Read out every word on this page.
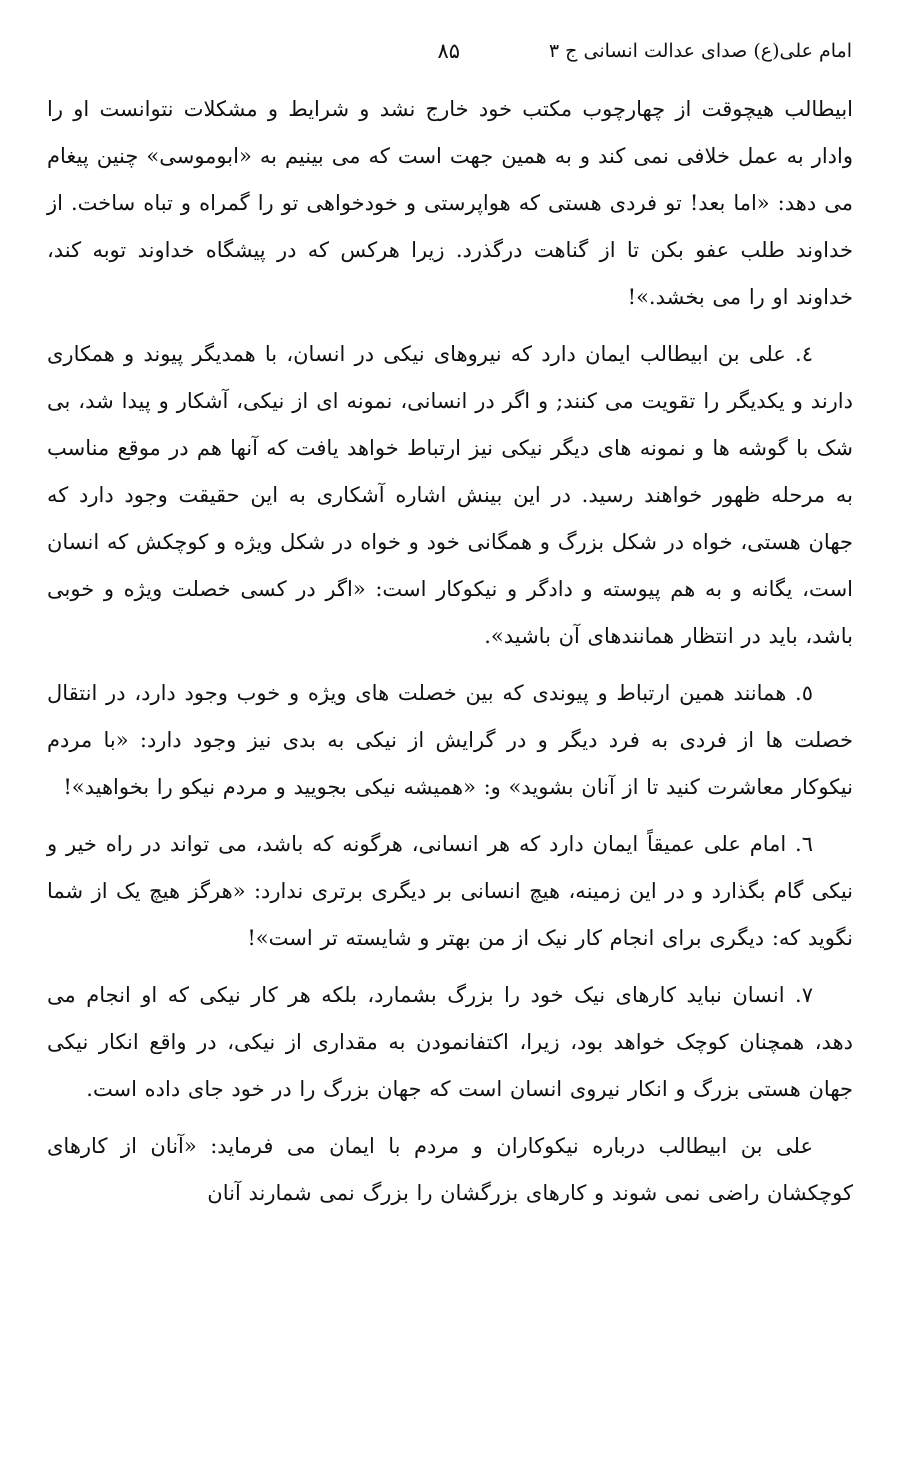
امام علی(ع) صدای عدالت انسانی ج ۳
۸۵

ابیطالب هیچوقت از چهارچوب مکتب خود خارج نشد و شرایط و مشکلات نتوانست او را وادار به عمل خلافی نمی کند و به همین جهت است که می بینیم به «ابوموسی» چنین پیغام می دهد: «اما بعد! تو فردی هستی که هواپرستی و خودخواهی تو را گمراه و تباه ساخت. از خداوند طلب عفو بکن تا از گناهت درگذرد. زیرا هرکس که در پیشگاه خداوند توبه کند، خداوند او را می بخشد.»!

٤. علی بن ابیطالب ایمان دارد که نیروهای نیکی در انسان، با همدیگر پیوند و همکاری دارند و یکدیگر را تقویت می کنند; و اگر در انسانی، نمونه ای از نیکی، آشکار و پیدا شد، بی شک با گوشه ها و نمونه های دیگر نیکی نیز ارتباط خواهد یافت که آنها هم در موقع مناسب به مرحله ظهور خواهند رسید. در این بینش اشاره آشکاری به این حقیقت وجود دارد که جهان هستی، خواه در شکل بزرگ و همگانی خود و خواه در شکل ویژه و کوچکش که انسان است، یگانه و به هم پیوسته و دادگر و نیکوکار است: «اگر در کسی خصلت ویژه و خوبی باشد، باید در انتظار همانندهای آن باشید».

٥. همانند همین ارتباط و پیوندی که بین خصلت های ویژه و خوب وجود دارد، در انتقال خصلت ها از فردی به فرد دیگر و در گرایش از نیکی به بدی نیز وجود دارد: «با مردم نیکوکار معاشرت کنید تا از آنان بشوید» و: «همیشه نیکی بجویید و مردم نیکو را بخواهید»!

٦. امام علی عمیقاً ایمان دارد که هر انسانی، هرگونه که باشد، می تواند در راه خیر و نیکی گام بگذارد و در این زمینه، هیچ انسانی بر دیگری برتری ندارد: «هرگز هیچ یک از شما نگوید که: دیگری برای انجام کار نیک از من بهتر و شایسته تر است»!

٧. انسان نباید کارهای نیک خود را بزرگ بشمارد، بلکه هر کار نیکی که او انجام می دهد، همچنان کوچک خواهد بود، زیرا، اکتفانمودن به مقداری از نیکی، در واقع انکار نیکی جهان هستی بزرگ و انکار نیروی انسان است که جهان بزرگ را در خود جای داده است.

علی بن ابیطالب درباره نیکوکاران و مردم با ایمان می فرماید: «آنان از کارهای کوچکشان راضی نمی شوند و کارهای بزرگشان را بزرگ نمی شمارند آنان
